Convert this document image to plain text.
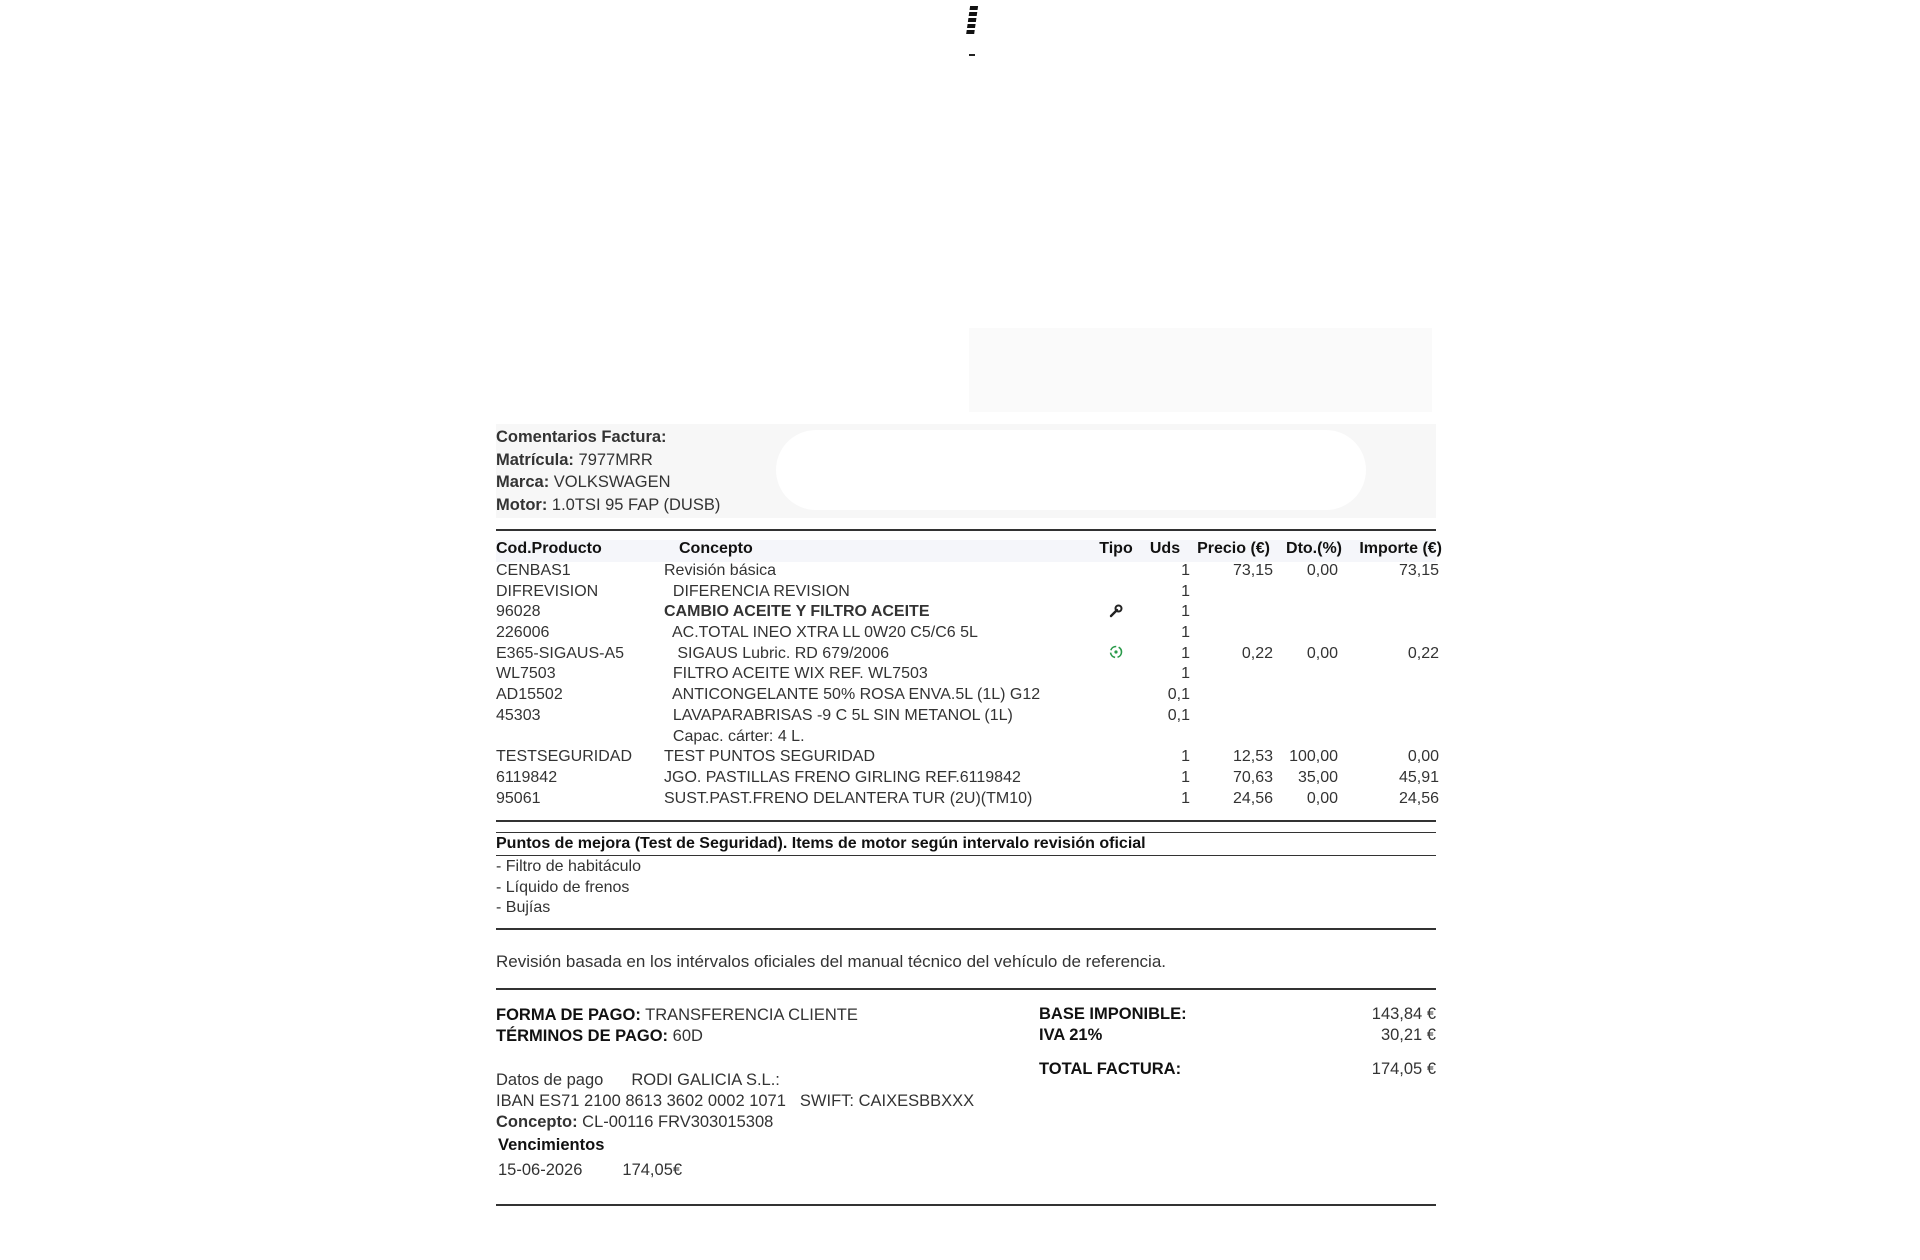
Comentarios Factura:
Matrícula: 7977MRR
Marca: VOLKSWAGEN
Motor: 1.0TSI 95 FAP (DUSB)
Cod.Producto	Concepto	Tipo	Uds	Precio (€)	Dto.(%)	Importe (€)
CENBAS1	Revisión básica	1	73,15	0,00	73,15
DIFREVISION	DIFERENCIA REVISION	1
96028	CAMBIO ACEITE Y FILTRO ACEITE	1
226006	AC.TOTAL INEO XTRA LL 0W20 C5/C6 5L	1
E365-SIGAUS-A5 SIGAUS Lubric. RD 679/2006	1	0,22	0,00	0,22
WL7503	FILTRO ACEITE WIX REF. WL7503	1
AD15502	ANTICONGELANTE 50% ROSA ENVA.5L (1L) G12	0,1
45303	LAVAPARABRISAS -9 C 5L SIN METANOL (1L)	0,1
Capac. cárter: 4 L.
TESTSEGURIDAD TEST PUNTOS SEGURIDAD	1	12,53	100,00	0,00
6119842	JGO. PASTILLAS FRENO GIRLING REF.6119842	1	70,63	35,00	45,91
95061	SUST.PAST.FRENO DELANTERA TUR (2U)(TM10)	1	24,56	0,00	24,56
Puntos de mejora (Test de Seguridad). Items de motor según intervalo revisión oficial
- Filtro de habitáculo
- Líquido de frenos
- Bujías
Revisión basada en los intérvalos oficiales del manual técnico del vehículo de referencia.
FORMA DE PAGO: TRANSFERENCIA CLIENTE
TÉRMINOS DE PAGO: 60D
BASE IMPONIBLE:	143,84 €
IVA 21%	30,21 €
TOTAL FACTURA:	174,05 €
Datos de pago RODI GALICIA S.L.:
IBAN ES71 2100 8613 3602 0002 1071 SWIFT: CAIXESBBXXX
Concepto: CL-00116 FRV303015308
Vencimientos
15-06-2026 174,05€
